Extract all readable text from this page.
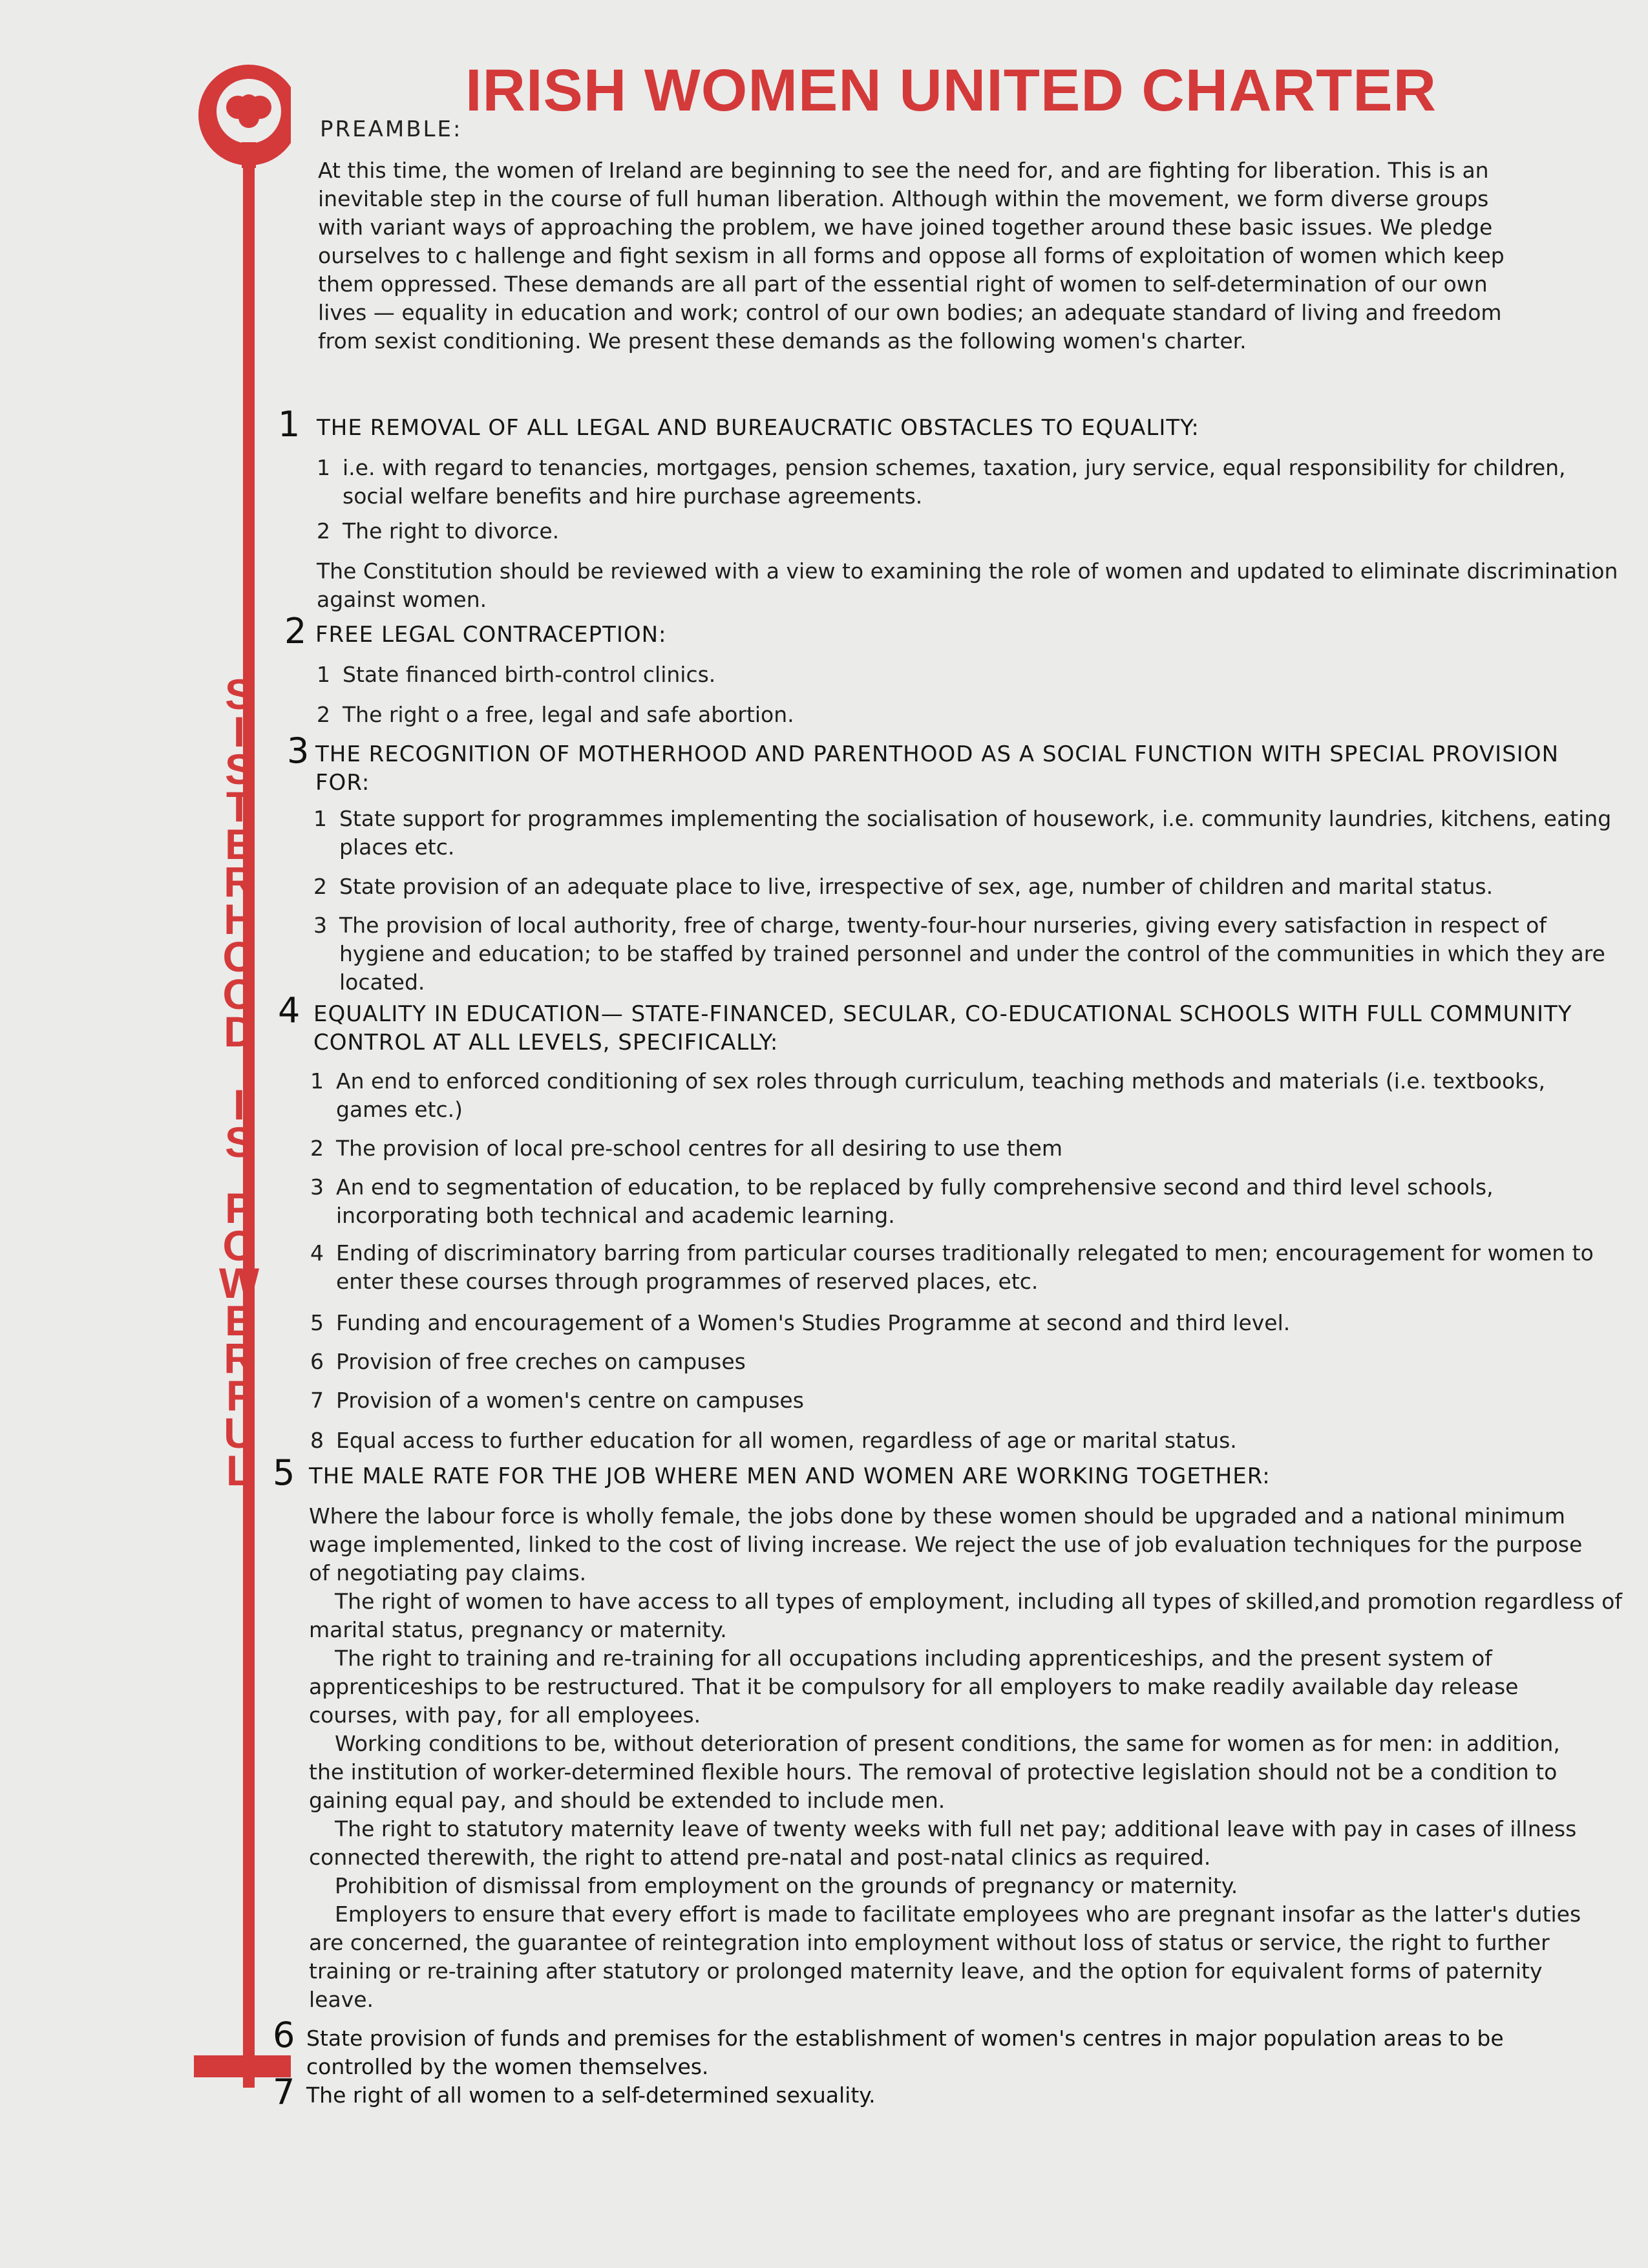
S
I
S
T
E
R
H
O
O
D
I
S
P
O
W
E
R
F
U
L
IRISH WOMEN UNITED CHARTER
PREAMBLE:

At this time, the women of Ireland are beginning to see the need for, and are fighting for liberation. This is an inevitable step in the course of full human liberation. Although within the movement, we form diverse groups with variant ways of approaching the problem, we have joined together around these basic issues. We pledge ourselves to c hallenge and fight sexism in all forms and oppose all forms of exploitation of women which keep them oppressed. These demands are all part of the essential right of women to self-determination of our own lives — equality in education and work; control of our own bodies; an adequate standard of living and freedom from sexist conditioning. We present these demands as the following women's charter.

1 THE REMOVAL OF ALL LEGAL AND BUREAUCRATIC OBSTACLES TO EQUALITY:
1 i.e. with regard to tenancies, mortgages, pension schemes, taxation, jury service, equal responsibility for children, social welfare benefits and hire purchase agreements.
2 The right to divorce.

The Constitution should be reviewed with a view to examining the role of women and updated to eliminate discrimination against women.

2 FREE LEGAL CONTRACEPTION:
1 State financed birth-control clinics.
2 The right o a free, legal and safe abortion.
3 THE RECOGNITION OF MOTHERHOOD AND PARENTHOOD AS A SOCIAL FUNCTION WITH SPECIAL PROVISION FOR:
1 State support for programmes implementing the socialisation of housework, i.e. community laundries, kitchens, eating places etc.
2 State provision of an adequate place to live, irrespective of sex, age, number of children and marital status.
3 The provision of local authority, free of charge, twenty-four-hour nurseries, giving every satisfaction in respect of hygiene and education; to be staffed by trained personnel and under the control of the communities in which they are located.
4 EQUALITY IN EDUCATION— STATE-FINANCED, SECULAR, CO-EDUCATIONAL SCHOOLS WITH FULL COMMUNITY CONTROL AT ALL LEVELS, SPECIFICALLY:
1 An end to enforced conditioning of sex roles through curriculum, teaching methods and materials (i.e. textbooks, games etc.)
2 The provision of local pre-school centres for all desiring to use them
3 An end to segmentation of education, to be replaced by fully comprehensive second and third level schools, incorporating both technical and academic learning.
4 Ending of discriminatory barring from particular courses traditionally relegated to men; encouragement for women to enter these courses through programmes of reserved places, etc.
5 Funding and encouragement of a Women's Studies Programme at second and third level.
6 Provision of free creches on campuses
7 Provision of a women's centre on campuses
8 Equal access to further education for all women, regardless of age or marital status.
5 THE MALE RATE FOR THE JOB WHERE MEN AND WOMEN ARE WORKING TOGETHER:

Where the labour force is wholly female, the jobs done by these women should be upgraded and a national minimum wage implemented, linked to the cost of living increase. We reject the use of job evaluation techniques for the purpose of negotiating pay claims.

The right of women to have access to all types of employment, including all types of skilled,and promotion regardless of marital status, pregnancy or maternity.

The right to training and re-training for all occupations including apprenticeships, and the present system of apprenticeships to be restructured. That it be compulsory for all employers to make readily available day release courses, with pay, for all employees.

Working conditions to be, without deterioration of present conditions, the same for women as for men: in addition, the institution of worker-determined flexible hours. The removal of protective legislation should not be a condition to gaining equal pay, and should be extended to include men.

The right to statutory maternity leave of twenty weeks with full net pay; additional leave with pay in cases of illness connected therewith, the right to attend pre-natal and post-natal clinics as required.

Prohibition of dismissal from employment on the grounds of pregnancy or maternity.

Employers to ensure that every effort is made to facilitate employees who are pregnant insofar as the latter's duties are concerned, the guarantee of reintegration into employment without loss of status or service, the right to further training or re-training after statutory or prolonged maternity leave, and the option for equivalent forms of paternity leave.

6 State provision of funds and premises for the establishment of women's centres in major population areas to be controlled by the women themselves.
7 The right of all women to a self-determined sexuality.
